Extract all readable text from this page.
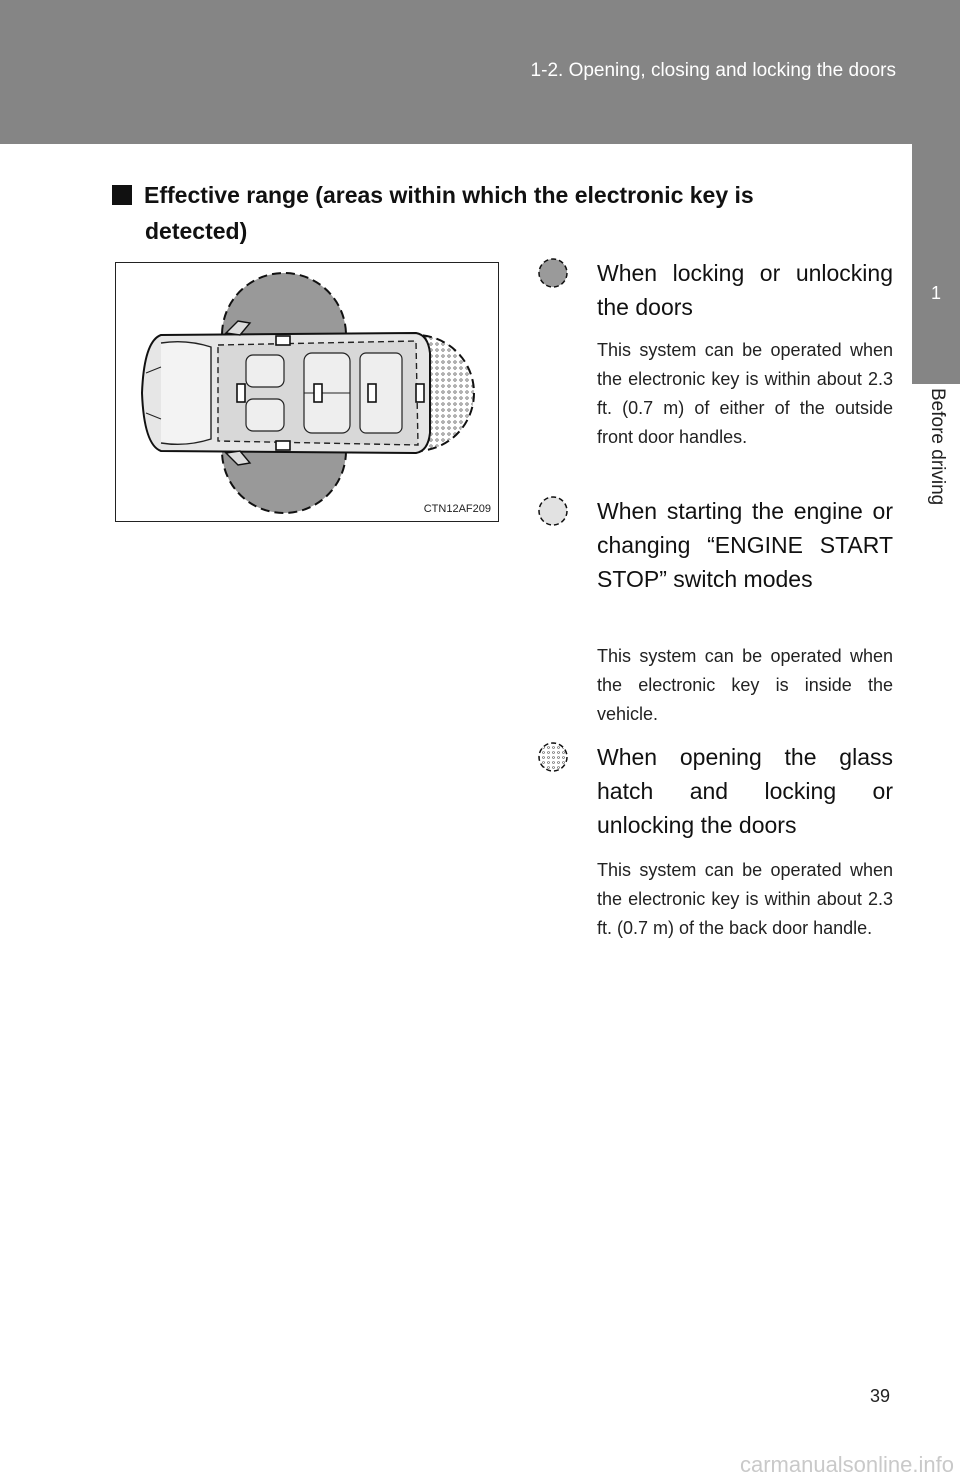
1-2. Opening, closing and locking the doors
1
Before driving
Effective range (areas within which the electronic key is
detected)
CTN12AF209
When locking or unlocking the doors
This system can be operated when the electronic key is within about 2.3 ft. (0.7 m) of either of the outside front door handles.
When starting the engine or changing “ENGINE START STOP” switch modes
This system can be operated when the electronic key is inside the vehicle.
When opening the glass hatch and locking or unlocking the doors
This system can be operated when the electronic key is within about 2.3 ft. (0.7 m) of the back door handle.
39
carmanualsonline.info
